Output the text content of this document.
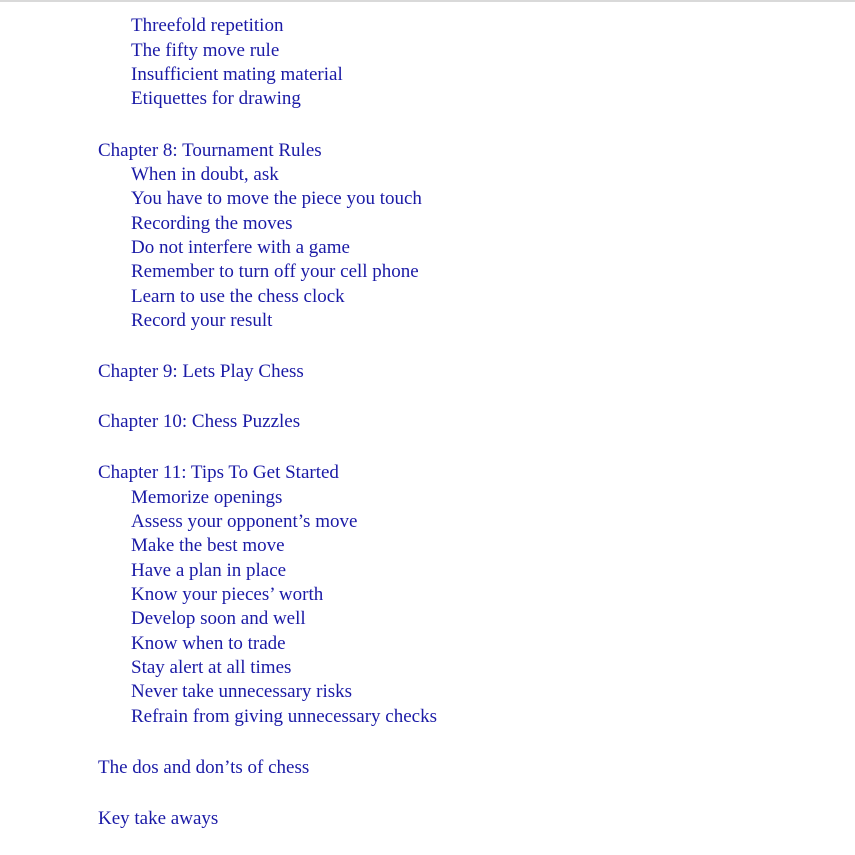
Threefold repetition
The fifty move rule
Insufficient mating material
Etiquettes for drawing
Chapter 8: Tournament Rules
When in doubt, ask
You have to move the piece you touch
Recording the moves
Do not interfere with a game
Remember to turn off your cell phone
Learn to use the chess clock
Record your result
Chapter 9: Lets Play Chess
Chapter 10: Chess Puzzles
Chapter 11: Tips To Get Started
Memorize openings
Assess your opponent’s move
Make the best move
Have a plan in place
Know your pieces’ worth
Develop soon and well
Know when to trade
Stay alert at all times
Never take unnecessary risks
Refrain from giving unnecessary checks
The dos and don’ts of chess
Key take aways
